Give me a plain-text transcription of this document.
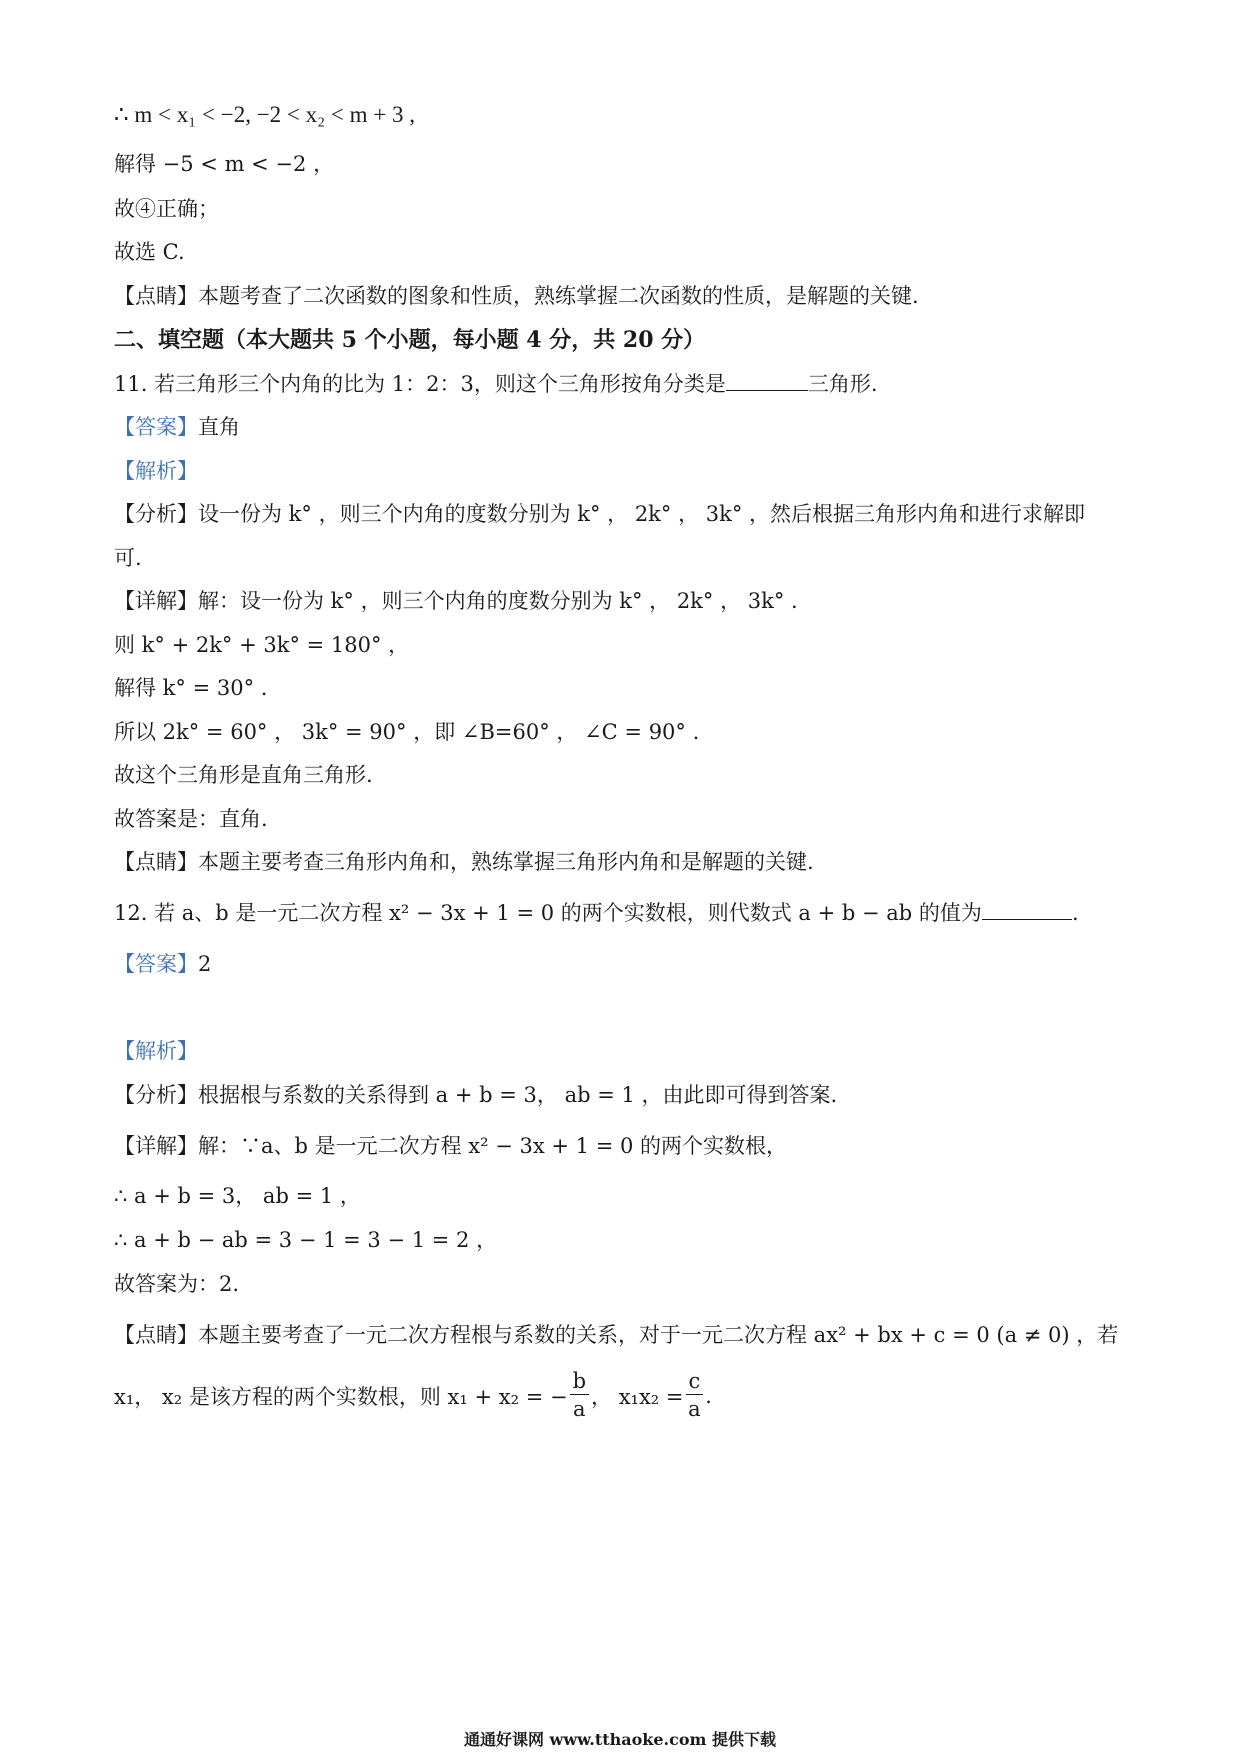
∴ m < x₁ < −2, −2 < x₂ < m + 3 ,
解得 −5 < m < −2 ，
故④正确；
故选 C.
【点睛】本题考查了二次函数的图象和性质，熟练掌握二次函数的性质，是解题的关键.
二、填空题（本大题共 5 个小题，每小题 4 分，共 20 分）
11. 若三角形三个内角的比为 1：2：3，则这个三角形按角分类是	三角形.
【答案】直角
【解析】
【分析】设一份为 k° ，则三个内角的度数分别为 k° ， 2k° ， 3k° ，然后根据三角形内角和进行求解即
可.
【详解】解：设一份为 k° ，则三个内角的度数分别为 k° ， 2k° ， 3k° .
则 k° + 2k° + 3k° = 180° ，
解得 k° = 30° .
所以 2k° = 60° ， 3k° = 90° ，即 ∠B=60° ， ∠C = 90° .
故这个三角形是直角三角形.
故答案是：直角.
【点睛】本题主要考查三角形内角和，熟练掌握三角形内角和是解题的关键.
12. 若 a、b 是一元二次方程 x² − 3x + 1 = 0 的两个实数根，则代数式 a + b − ab 的值为	.
【答案】2
【解析】
【分析】根据根与系数的关系得到 a + b = 3， ab = 1 ，由此即可得到答案.
【详解】解：∵a、b 是一元二次方程 x² − 3x + 1 = 0 的两个实数根，
∴ a + b = 3， ab = 1 ，
∴ a + b − ab = 3 − 1 = 3 − 1 = 2 ，
故答案为：2.
【点睛】本题主要考查了一元二次方程根与系数的关系，对于一元二次方程 ax² + bx + c = 0 (a ≠ 0) ，若
x₁， x₂ 是该方程的两个实数根，则 x₁ + x₂ = − $\frac{b}{a}$ ， $x_1x_2 = \frac{c}{a}$ .
通通好课网 www.tthaoke.com 提供下载
